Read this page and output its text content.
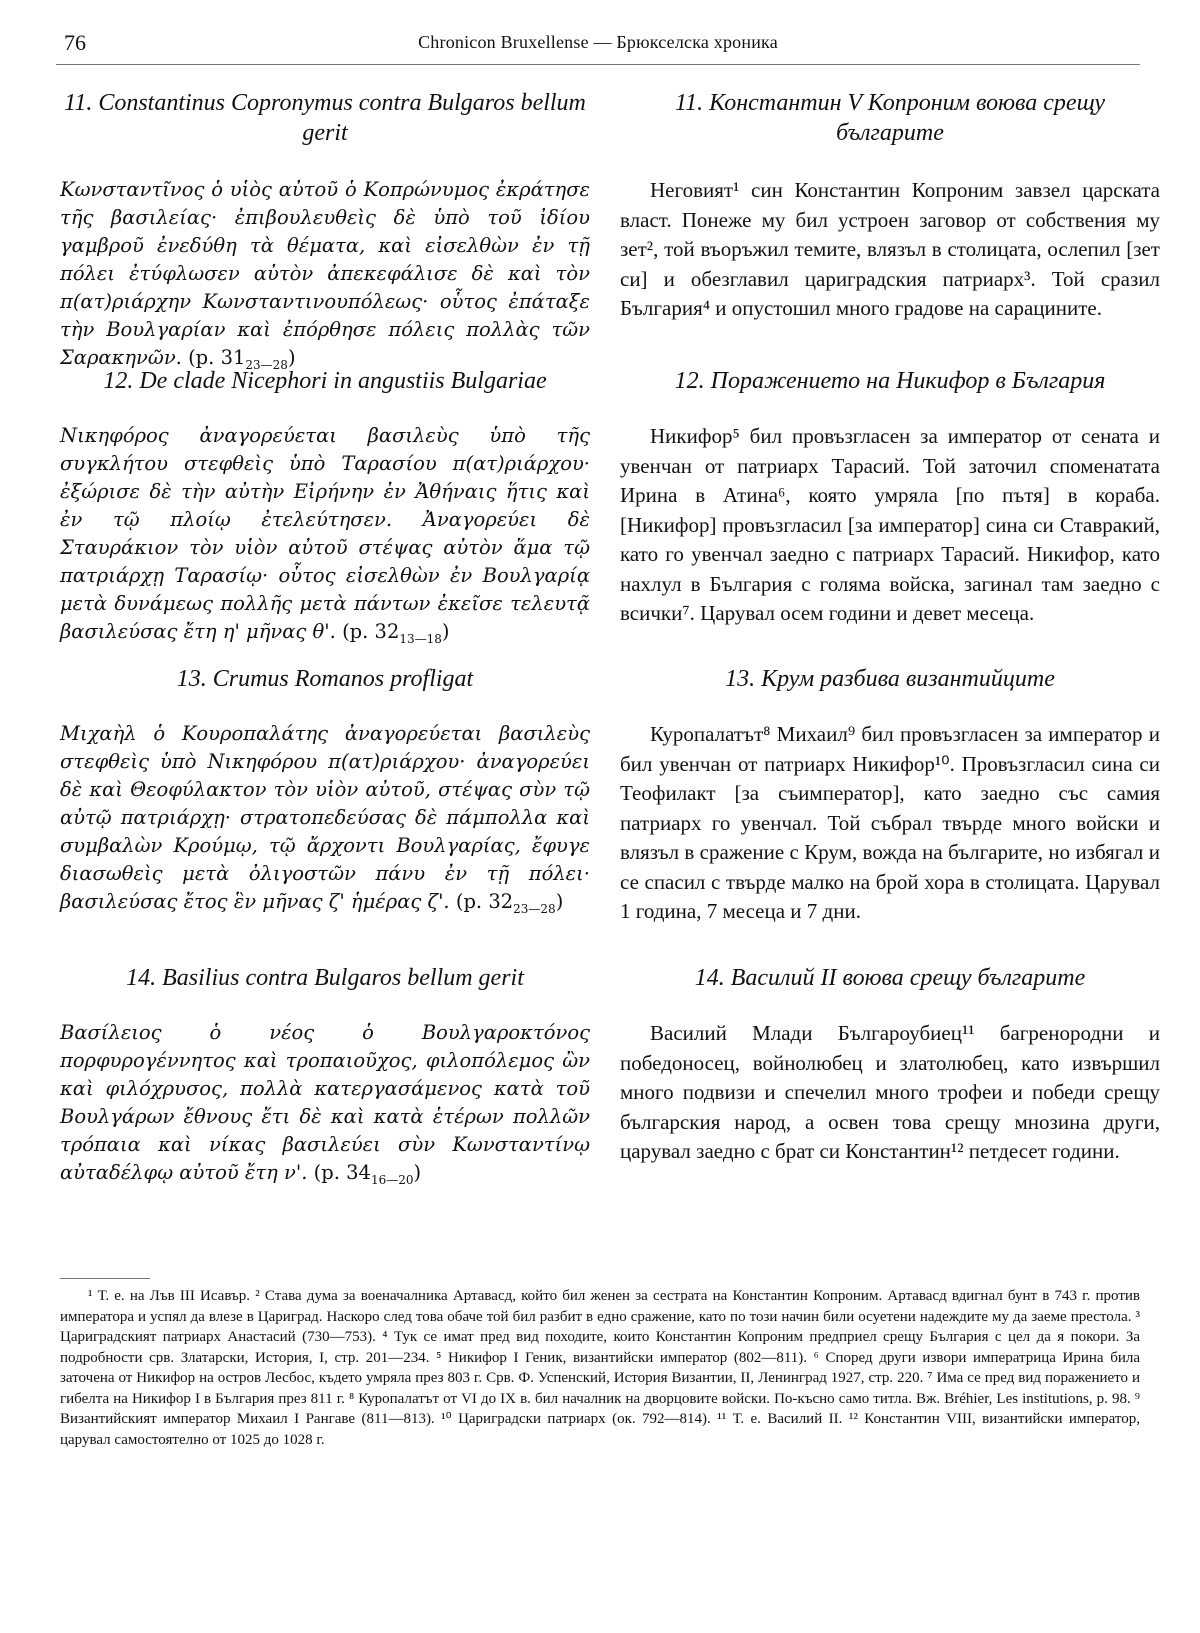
76	Chronicon Bruxellense — Брюкселска хроника
11. Constantinus Copronymus contra Bulgaros bellum gerit

Κωνσταντῖνος ὁ υἱὸς αὐτοῦ ὁ Κοπρώνυμος ἐκράτησε τῆς βασιλείας· ἐπιβουλευθεὶς δὲ ὑπὸ τοῦ ἰδίου γαμβροῦ ἐνεδύθη τὰ θέματα, καὶ εἰσελθὼν ἐν τῇ πόλει ἐτύφλωσεν αὐτὸν ἀπεκεφάλισε δὲ καὶ τὸν π(ατ)ριάρχην Κωνσταντινουπόλεως· οὗτος ἐπάταξε τὴν Βουλγαρίαν καὶ ἐπόρθησε πόλεις πολλὰς τῶν Σαρακηνῶν. (p. $31_{23—28}$)

12. De clade Nicephori in angustiis Bulgariae

Νικηφόρος ἀναγορεύεται βασιλεὺς ὑπὸ τῆς συγκλήτου στεφθεὶς ὑπὸ Ταρασίου π(ατ)ριάρχου· ἐξώρισε δὲ τὴν αὐτὴν Εἰρήνην ἐν Ἀθήναις ἥτις καὶ ἐν τῷ πλοίῳ ἐτελεύτησεν. Ἀναγορεύει δὲ Σταυράκιον τὸν υἱὸν αὐτοῦ στέψας αὐτὸν ἅμα τῷ πατριάρχῃ Ταρασίῳ· οὗτος εἰσελθὼν ἐν Βουλγαρίᾳ μετὰ δυνάμεως πολλῆς μετὰ πάντων ἐκεῖσε τελευτᾷ βασιλεύσας ἔτη η' μῆνας θ'. (p. $32_{13—18}$)

13. Crumus Romanos profligat

Μιχαὴλ ὁ Κουροπαλάτης ἀναγορεύεται βασιλεὺς στεφθεὶς ὑπὸ Νικηφόρου π(ατ)ριάρχου· ἀναγορεύει δὲ καὶ Θεοφύλακτον τὸν υἱὸν αὐτοῦ, στέψας σὺν τῷ αὐτῷ πατριάρχῃ· στρατοπεδεύσας δὲ πάμπολλα καὶ συμβαλὼν Κρούμῳ, τῷ ἄρχοντι Βουλγαρίας, ἔφυγε διασωθεὶς μετὰ ὀλιγοστῶν πάνυ ἐν τῇ πόλει· βασιλεύσας ἔτος ἓν μῆνας ζ' ἡμέρας ζ'. (p. $32_{23—28}$)

14. Basilius contra Bulgaros bellum gerit

Βασίλειος ὁ νέος ὁ Βουλγαροκτόνος πορφυρογέννητος καὶ τροπαιοῦχος, φιλοπόλεμος ὢν καὶ φιλόχρυσος, πολλὰ κατεργασάμενος κατὰ τοῦ Βουλγάρων ἔθνους ἔτι δὲ καὶ κατὰ ἑτέρων πολλῶν τρόπαια καὶ νίκας βασιλεύει σὺν Κωνσταντίνῳ αὐταδέλφῳ αὐτοῦ ἔτη ν'. (p. $34_{16—20}$)

11. Константин V Копроним воюва срещу българите

Неговият¹ син Константин Копроним завзел царската власт. Понеже му бил устроен заговор от собствения му зет², той въоръжил темите, влязъл в столицата, ослепил [зет си] и обезглавил цариградския патриарх³. Той сразил България⁴ и опустошил много градове на сарацините.

12. Поражението на Никифор в България

Никифор⁵ бил провъзгласен за император от сената и увенчан от патриарх Тарасий. Той заточил споменатата Ирина в Атина⁶, която умряла [по пътя] в кораба. [Никифор] провъзгласил [за император] сина си Ставракий, като го увенчал заедно с патриарх Тарасий. Никифор, като нахлул в България с голяма войска, загинал там заедно с всички⁷. Царувал осем години и девет месеца.

13. Крум разбива византийците

Куропалатът⁸ Михаил⁹ бил провъзгласен за император и бил увенчан от патриарх Никифор¹⁰. Провъзгласил сина си Теофилакт [за съимператор], като заедно със самия патриарх го увенчал. Той събрал твърде много войски и влязъл в сражение с Крум, вожда на българите, но избягал и се спасил с твърде малко на брой хора в столицата. Царувал 1 година, 7 месеца и 7 дни.

14. Василий II воюва срещу българите

Василий Млади Българоубиец¹¹ багренородни и победоносец, войнолюбец и златолюбец, като извършил много подвизи и спечелил много трофеи и победи срещу българския народ, а освен това срещу мнозина други, царувал заедно с брат си Константин¹² петдесет години.

¹ Т. е. на Лъв III Исавър. ² Става дума за военачалника Артавасд, който бил женен за сестрата на Константин Копроним. Артавасд вдигнал бунт в 743 г. против императора и успял да влезе в Цариград. Наскоро след това обаче той бил разбит в едно сражение, като по този начин били осуетени надеждите му да заеме престола. ³ Цариградският патриарх Анастасий (730—753). ⁴ Тук се имат пред вид походите, които Константин Копроним предприел срещу България с цел да я покори. За подробности срв. Златарски, История, I, стр. 201—234. ⁵ Никифор I Геник, византийски император (802—811). ⁶ Според други извори императрица Ирина била заточена от Никифор на остров Лесбос, където умряла през 803 г. Срв. Ф. Успенский, История Византии, II, Ленинград 1927, стр. 220. ⁷ Има се пред вид поражението и гибелта на Никифор I в България през 811 г. ⁸ Куропалатът от VI до IX в. бил началник на дворцовите войски. По-късно само титла. Вж. Bréhier, Les institutions, p. 98. ⁹ Византийският император Михаил I Рангаве (811—813). ¹⁰ Цариградски патриарх (ок. 792—814). ¹¹ Т. е. Василий II. ¹² Константин VIII, византийски император, царувал самостоятелно от 1025 до 1028 г.
